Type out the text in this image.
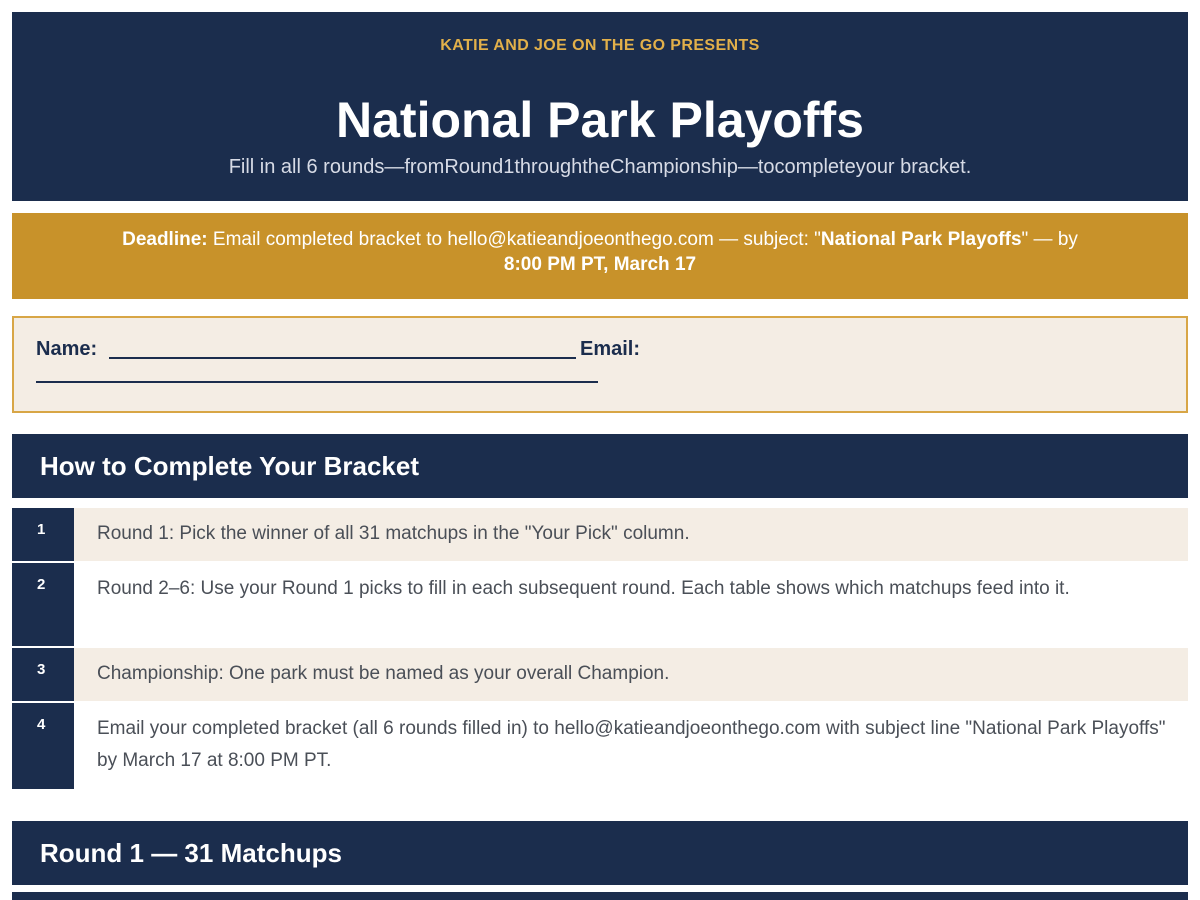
KATIE AND JOE ON THE GO PRESENTS
National Park Playoffs
Fill in all 6 rounds—fromRound1throughtheChampionship—tocompleteyour bracket.
Deadline: Email completed bracket to hello@katieandjoeonthego.com — subject: "National Park Playoffs" — by
8:00 PM PT, March 17
Name:	Email:
How to Complete Your Bracket
1	Round 1: Pick the winner of all 31 matchups in the "Your Pick" column.
2	Round 2–6: Use your Round 1 picks to fill in each subsequent round. Each table shows which matchups feed into it.
3	Championship: One park must be named as your overall Champion.
4	Email your completed bracket (all 6 rounds filled in) to hello@katieandjoeonthego.com with subject line "National Park Playoffs" by March 17 at 8:00 PM PT.
Round 1 — 31 Matchups
